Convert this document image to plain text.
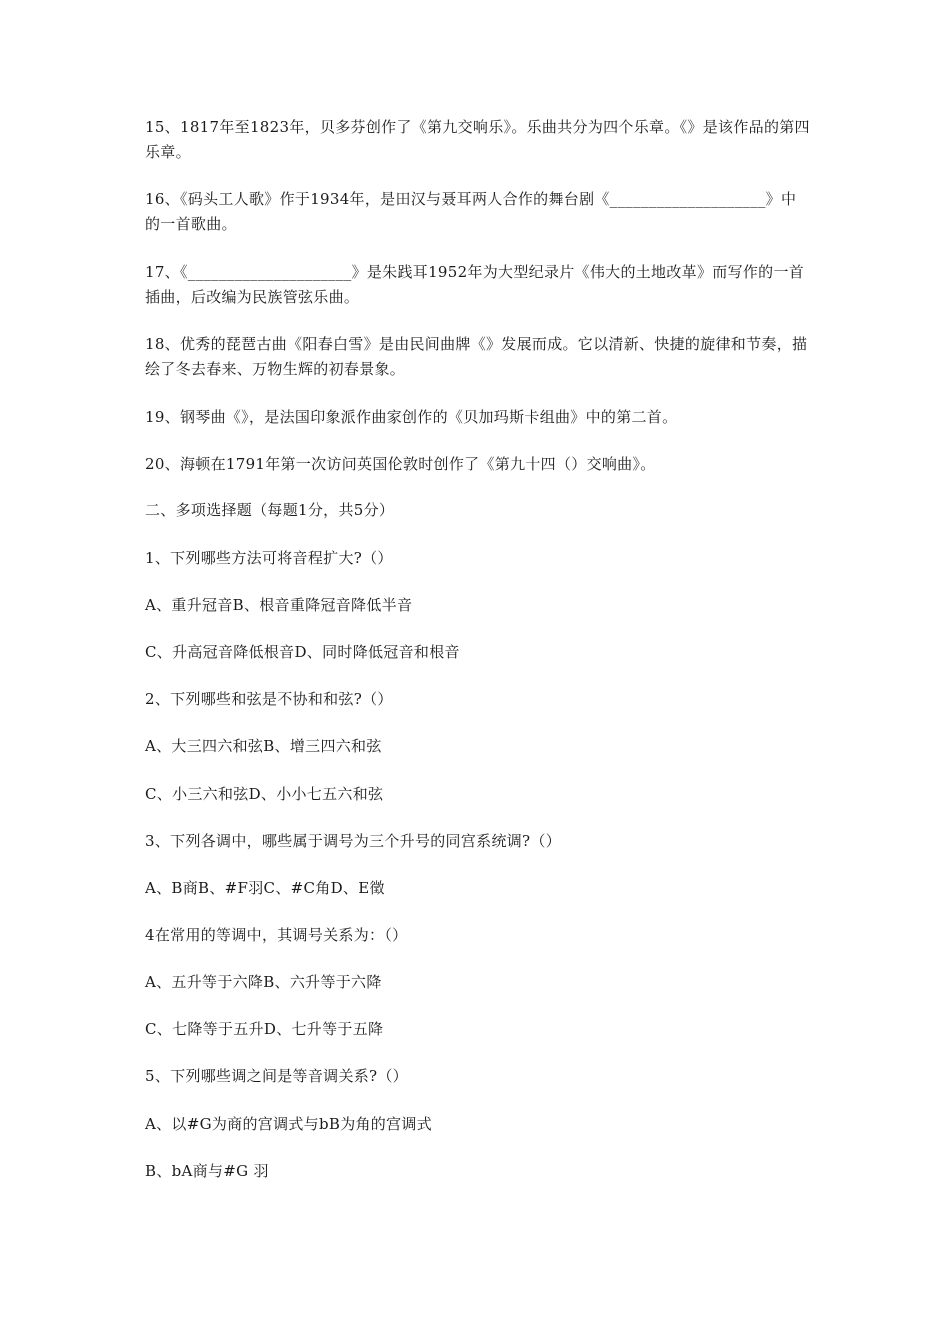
15、1817年至1823年，贝多芬创作了《第九交响乐》。乐曲共分为四个乐章。《》是该作品的第四乐章。

16、《码头工人歌》作于1934年，是田汉与聂耳两人合作的舞台剧《____________________》中的一首歌曲。

17、《_____________________》是朱践耳1952年为大型纪录片《伟大的土地改革》而写作的一首插曲，后改编为民族管弦乐曲。

18、优秀的琵琶古曲《阳春白雪》是由民间曲牌《》发展而成。它以清新、快捷的旋律和节奏，描绘了冬去春来、万物生辉的初春景象。

19、钢琴曲《》，是法国印象派作曲家创作的《贝加玛斯卡组曲》中的第二首。

20、海顿在1791年第一次访问英国伦敦时创作了《第九十四（）交响曲》。

二、多项选择题（每题1分，共5分）

1、下列哪些方法可将音程扩大?（）

A、重升冠音B、根音重降冠音降低半音

C、升高冠音降低根音D、同时降低冠音和根音

2、下列哪些和弦是不协和和弦?（）

A、大三四六和弦B、增三四六和弦

C、小三六和弦D、小小七五六和弦

3、下列各调中，哪些属于调号为三个升号的同宫系统调?（）

A、B商B、#F羽C、#C角D、E徵

4在常用的等调中，其调号关系为：（）

A、五升等于六降B、六升等于六降

C、七降等于五升D、七升等于五降

5、下列哪些调之间是等音调关系?（）

A、以#G为商的宫调式与bB为角的宫调式

B、bA商与#G 羽
